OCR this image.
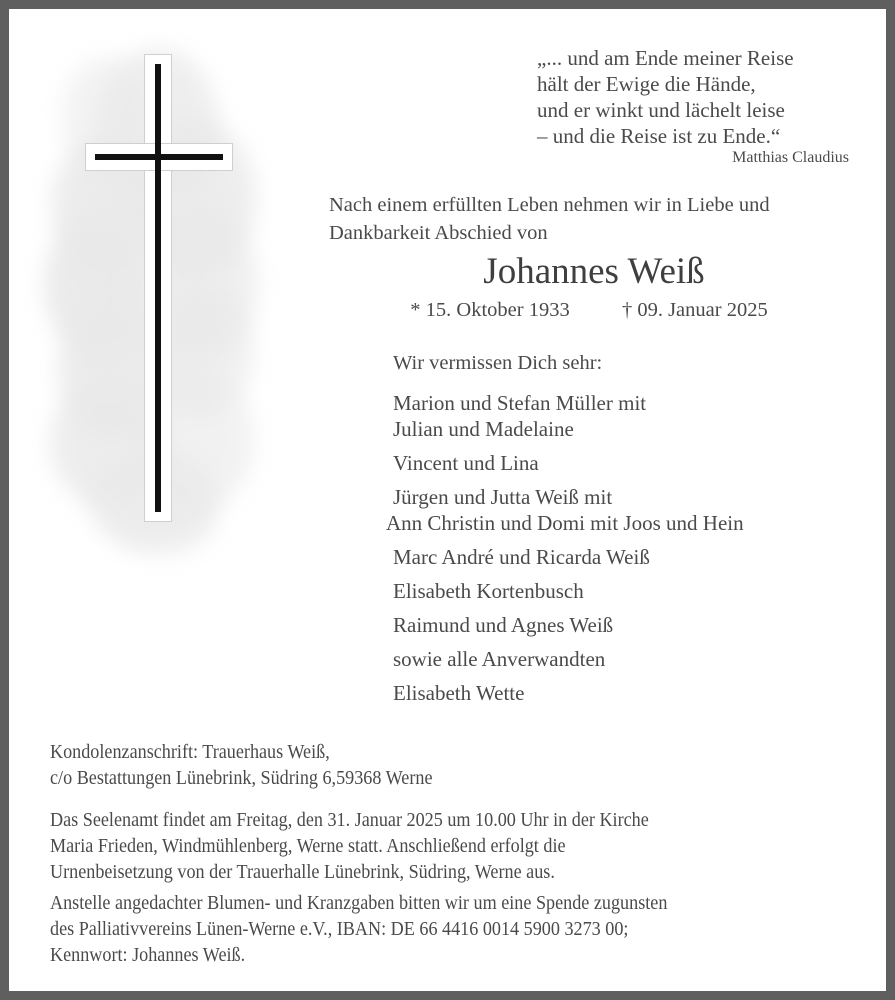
„... und am Ende meiner Reise
hält der Ewige die Hände,
und er winkt und lächelt leise
– und die Reise ist zu Ende.“
Matthias Claudius
Nach einem erfüllten Leben nehmen wir in Liebe und
Dankbarkeit Abschied von
Johannes Weiß
* 15. Oktober 1933	† 09. Januar 2025
Wir vermissen Dich sehr:
Marion und Stefan Müller mit
Julian und Madelaine
Vincent und Lina
Jürgen und Jutta Weiß mit
Ann Christin und Domi mit Joos und Hein
Marc André und Ricarda Weiß
Elisabeth Kortenbusch
Raimund und Agnes Weiß
sowie alle Anverwandten
Elisabeth Wette
Kondolenzanschrift: Trauerhaus Weiß,
c/o Bestattungen Lünebrink, Südring 6,59368 Werne
Das Seelenamt findet am Freitag, den 31. Januar 2025 um 10.00 Uhr in der Kirche
Maria Frieden, Windmühlenberg, Werne statt. Anschließend erfolgt die
Urnenbeisetzung von der Trauerhalle Lünebrink, Südring, Werne aus.
Anstelle angedachter Blumen- und Kranzgaben bitten wir um eine Spende zugunsten
des Palliativvereins Lünen-Werne e.V., IBAN: DE 66 4416 0014 5900 3273 00;
Kennwort: Johannes Weiß.
